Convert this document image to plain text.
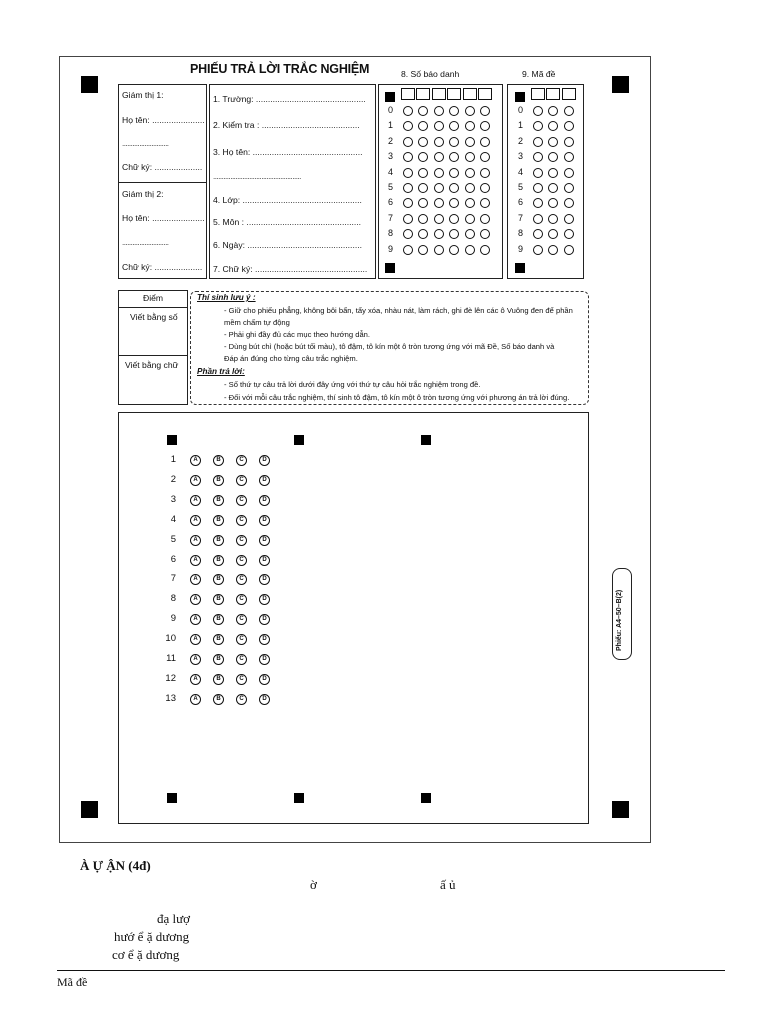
PHIẾU TRẢ LỜI TRẮC NGHIỆM	8. Số báo danh	9. Mã đề
Giám thị 1:
Họ tên: ......................
...........................
Chữ ký: ....................
Giám thị 2:
Họ tên: ......................
...........................
Chữ ký: ....................
1. Trường: ..............................................
2. Kiểm tra : .........................................
3. Họ tên: ..............................................
...................................................
4. Lớp: ..................................................
5. Môn : ................................................
6. Ngày: ................................................
7. Chữ ký: ...............................................
0
1
2
3
4
5
6
7
8
9
0
1
2
3
4
5
6
7
8
9
Điểm
Viết bằng số
Viết bằng chữ
Thí sinh lưu ý :
- Giữ cho phiếu phẳng, không bôi bẩn, tẩy xóa, nhàu nát, làm rách, ghi đè lên các ô Vuông đen để phần
mềm chấm tự động
- Phải ghi đầy đủ các mục theo hướng dẫn.
- Dùng bút chì (hoặc bút tối màu), tô đậm, tô kín một ô tròn tương ứng với mã Đề, Số báo danh và
Đáp án đúng cho từng câu trắc nghiệm.
Phần trả lời:
- Số thứ tự câu trả lời dưới đây ứng với thứ tự câu hỏi trắc nghiệm trong đề.
- Đối với mỗi câu trắc nghiệm, thí sinh tô đậm, tô kín một ô tròn tương ứng với phương án trả lời đúng.
1	A	B	C	D
2	A	B	C	D
3	A	B	C	D
4	A	B	C	D
5	A	B	C	D
6	A	B	C	D
7	A	B	C	D
8	A	B	C	D
9	A	B	C	D
10	A	B	C	D
11	A	B	C	D
12	A	B	C	D
13	A	B	C	D
Phiếu: A4–50–B(2)
À Ự ẬN (4đ)
ờ	ấ ủ
đạ lượ
hướ ể ặ dương
cơ ể ặ dương
Mã đề
